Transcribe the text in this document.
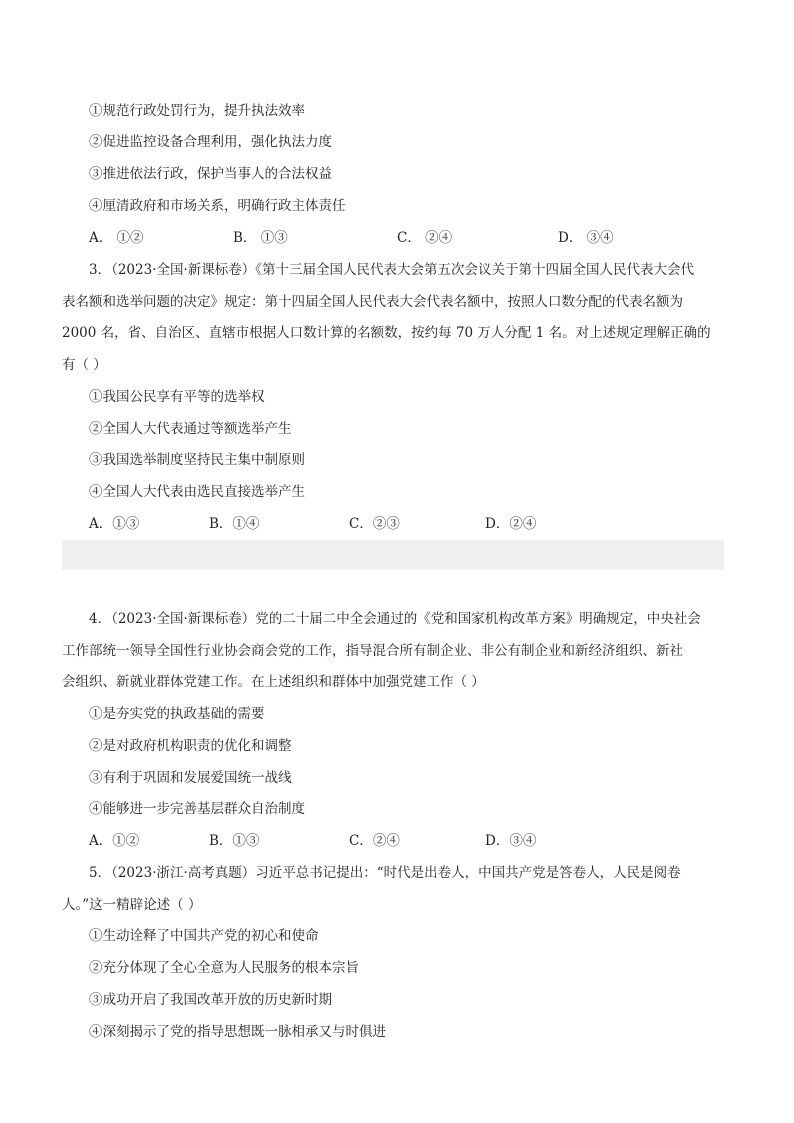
①规范行政处罚行为，提升执法效率
②促进监控设备合理利用，强化执法力度
③推进依法行政，保护当事人的合法权益
④厘清政府和市场关系，明确行政主体责任
A． ①②	B． ①③	C． ②④	D． ③④
3．（2023·全国·新课标卷）《第十三届全国人民代表大会第五次会议关于第十四届全国人民代表大会代
表名额和选举问题的决定》规定：第十四届全国人民代表大会代表名额中，按照人口数分配的代表名额为
2000 名，省、自治区、直辖市根据人口数计算的名额数，按约每 70 万人分配 1 名。对上述规定理解正确的
有（ ）
①我国公民享有平等的选举权
②全国人大代表通过等额选举产生
③我国选举制度坚持民主集中制原则
④全国人大代表由选民直接选举产生
A．①③	B．①④	C．②③	D．②④
4．（2023·全国·新课标卷）党的二十届二中全会通过的《党和国家机构改革方案》明确规定，中央社会
工作部统一领导全国性行业协会商会党的工作，指导混合所有制企业、非公有制企业和新经济组织、新社
会组织、新就业群体党建工作。在上述组织和群体中加强党建工作（ ）
①是夯实党的执政基础的需要
②是对政府机构职责的优化和调整
③有利于巩固和发展爱国统一战线
④能够进一步完善基层群众自治制度
A．①②	B．①③	C．②④	D．③④
5．（2023·浙江·高考真题）习近平总书记提出：“时代是出卷人，中国共产党是答卷人，人民是阅卷
人。”这一精辟论述（ ）
①生动诠释了中国共产党的初心和使命
②充分体现了全心全意为人民服务的根本宗旨
③成功开启了我国改革开放的历史新时期
④深刻揭示了党的指导思想既一脉相承又与时俱进
